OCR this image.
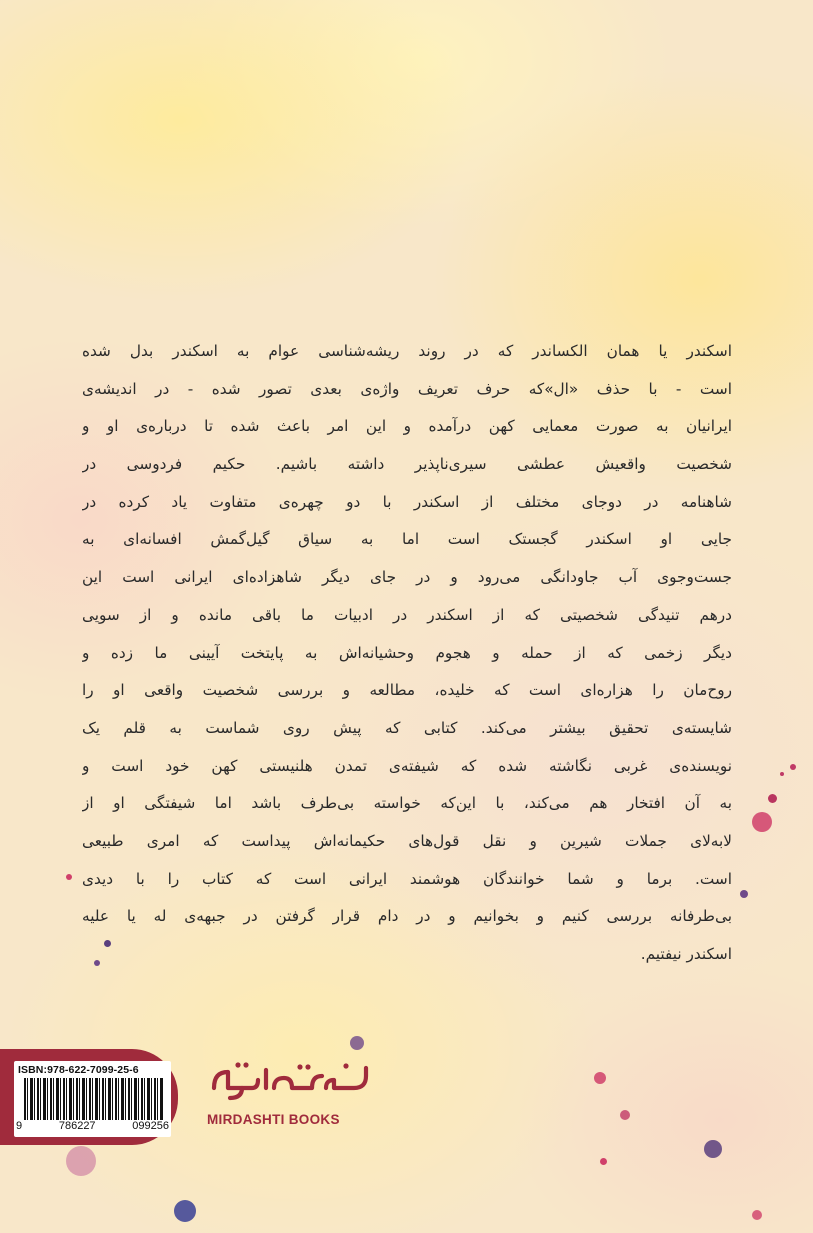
اسکندر یا همان الکساندر که در روند ریشه‌شناسی عوام به اسکندر بدل شده
است - با حذف «ال»که حرف تعریف واژه‌ی بعدی تصور شده - در اندیشه‌ی
ایرانیان به صورت معمایی کهن درآمده و این امر باعث شده تا درباره‌ی او و
شخصیت واقعیش عطشی سیری‌ناپذیر داشته باشیم. حکیم فردوسی در
شاهنامه در دوجای مختلف از اسکندر با دو چهره‌ی متفاوت یاد کرده در
جایی او اسکندر گجستک است اما به سیاق گیل‌گمش افسانه‌ای به
جست‌وجوی آب جاودانگی می‌رود و در جای دیگر شاهزاده‌ای ایرانی است این
درهم تنیدگی شخصیتی که از اسکندر در ادبیات ما باقی مانده و از سویی
دیگر زخمی که از حمله و هجوم وحشیانه‌اش به پایتخت آیینی ما زده و
روح‌مان را هزاره‌ای است که خلیده، مطالعه و بررسی شخصیت واقعی او را
شایسته‌ی تحقیق بیشتر می‌کند. کتابی که پیش روی شماست به قلم یک
نویسنده‌ی غربی نگاشته شده که شیفته‌ی تمدن هلنیستی کهن خود است و
به آن افتخار هم می‌کند، با این‌که خواسته بی‌طرف باشد اما شیفتگی او از
لابه‌لای جملات شیرین و نقل قول‌های حکیمانه‌اش پیداست که امری طبیعی
است. برما و شما خوانندگان هوشمند ایرانی است که کتاب را با دیدی
بی‌طرفانه بررسی کنیم و بخوانیم و در دام قرار گرفتن در جبهه‌ی له یا علیه
اسکندر نیفتیم.
ISBN:978-622-7099-25-6
9	786227	099256	MIRDASHTI BOOKS
